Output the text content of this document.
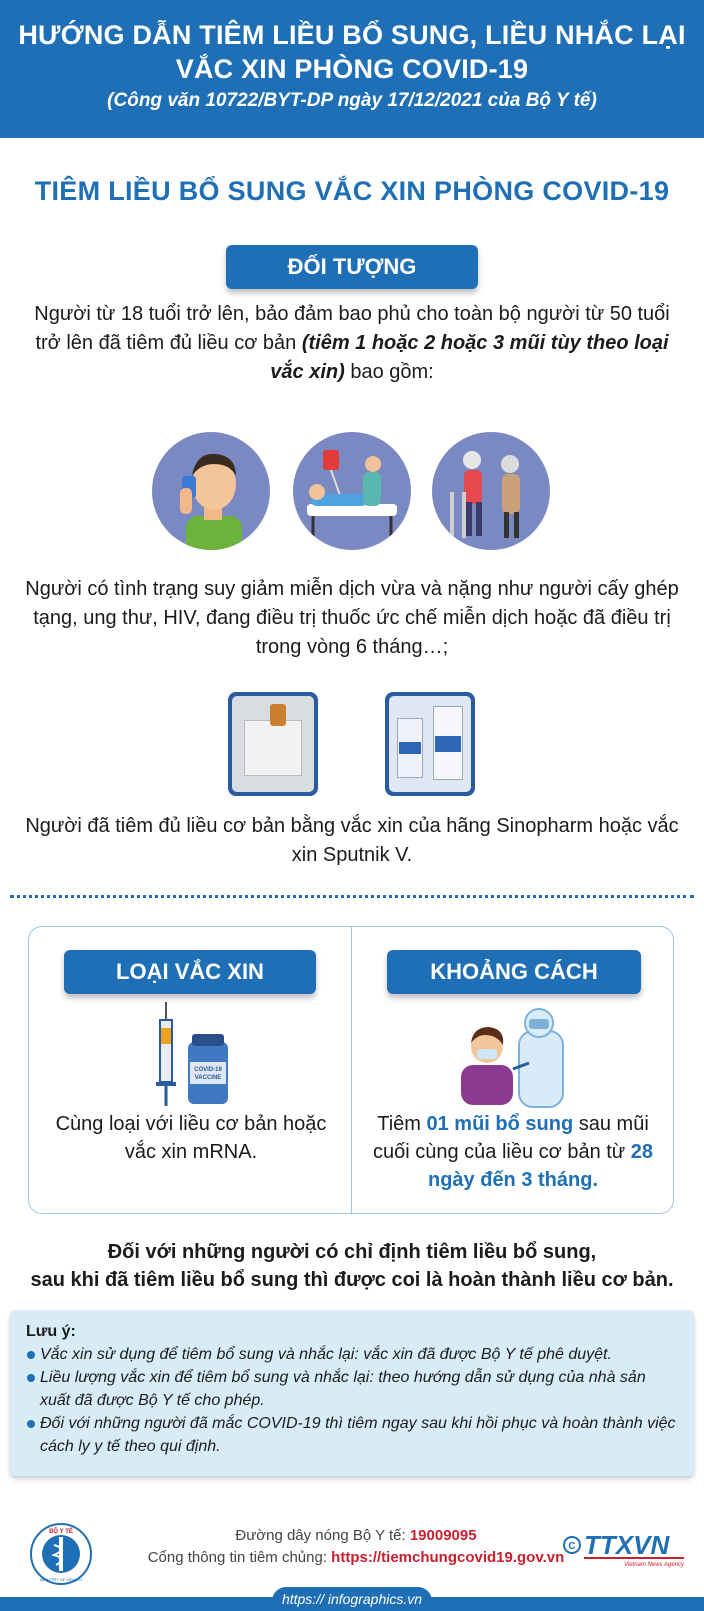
HƯỚNG DẪN TIÊM LIỀU BỔ SUNG, LIỀU NHẮC LẠI
VẮC XIN PHÒNG COVID-19
(Công văn 10722/BYT-DP ngày 17/12/2021 của Bộ Y tế)
TIÊM LIỀU BỔ SUNG VẮC XIN PHÒNG COVID-19
ĐỐI TƯỢNG
Người từ 18 tuổi trở lên, bảo đảm bao phủ cho toàn bộ người từ 50 tuổi trở lên đã tiêm đủ liều cơ bản (tiêm 1 hoặc 2 hoặc 3 mũi tùy theo loại vắc xin) bao gồm:
Người có tình trạng suy giảm miễn dịch vừa và nặng như người cấy ghép tạng, ung thư, HIV, đang điều trị thuốc ức chế miễn dịch hoặc đã điều trị trong vòng 6 tháng…;
Người đã tiêm đủ liều cơ bản bằng vắc xin của hãng Sinopharm hoặc vắc xin Sputnik V.
LOẠI VẮC XIN	KHOẢNG CÁCH
COVID-19
VACCINE
Cùng loại với liều cơ bản hoặc vắc xin mRNA.
Tiêm 01 mũi bổ sung sau mũi cuối cùng của liều cơ bản từ 28 ngày đến 3 tháng.
Đối với những người có chỉ định tiêm liều bổ sung,
sau khi đã tiêm liều bổ sung thì được coi là hoàn thành liều cơ bản.
Lưu ý:
Vắc xin sử dụng để tiêm bổ sung và nhắc lại: vắc xin đã được Bộ Y tế phê duyệt.
Liều lượng vắc xin để tiêm bổ sung và nhắc lại: theo hướng dẫn sử dụng của nhà sản xuất đã được Bộ Y tế cho phép.
Đối với những người đã mắc COVID-19 thì tiêm ngay sau khi hồi phục và hoàn thành việc cách ly y tế theo qui định.
BỘ Y TẾ
MINISTRY OF HEALTH
Đường dây nóng Bộ Y tế: 19009095
Cổng thông tin tiêm chủng: https://tiemchungcovid19.gov.vn
C TTXVN
Vietnam News Agency
https:// infographics.vn
